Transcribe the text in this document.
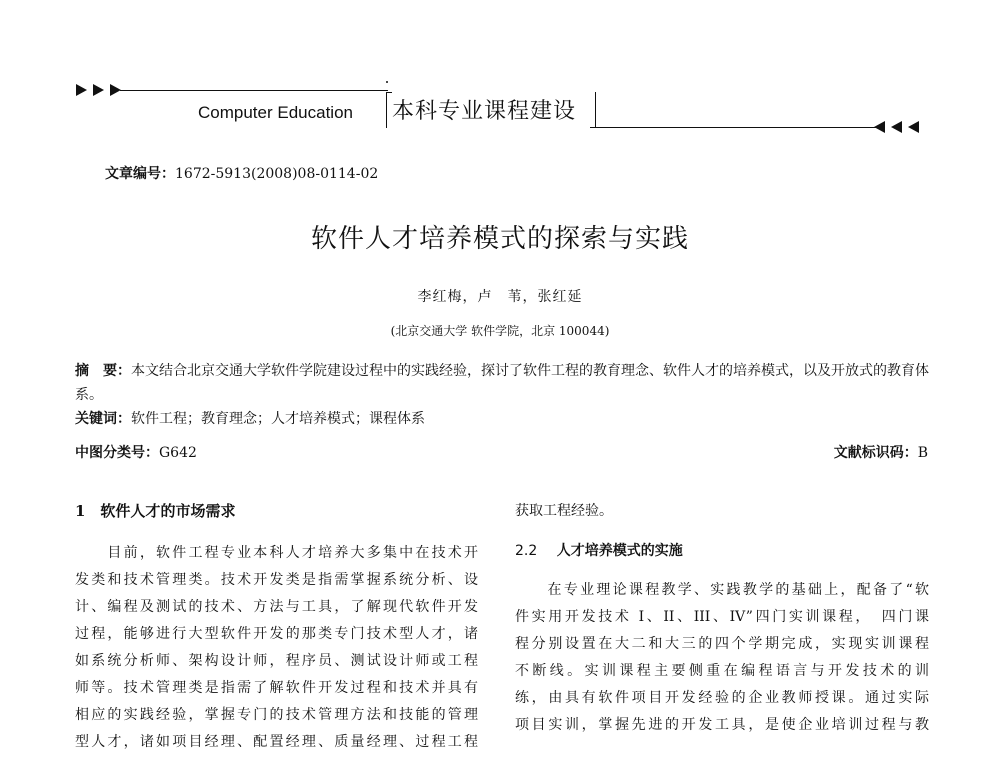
Computer Education 本科专业课程建设
文章编号：1672-5913(2008)08-0114-02
软件人才培养模式的探索与实践
李红梅，卢　苇，张红延
(北京交通大学 软件学院，北京 100044)
摘　要：本文结合北京交通大学软件学院建设过程中的实践经验，探讨了软件工程的教育理念、软件人才的培养模式，以及开放式的教育体系。
关键词：软件工程；教育理念；人才培养模式；课程体系
中图分类号：G642	文献标识码：B
1　软件人才的市场需求
　　目前，软件工程专业本科人才培养大多集中在技术开
发类和技术管理类。技术开发类是指需掌握系统分析、设
计、编程及测试的技术、方法与工具，了解现代软件开发
过程，能够进行大型软件开发的那类专门技术型人才，诸
如系统分析师、架构设计师，程序员、测试设计师或工程
师等。技术管理类是指需了解软件开发过程和技术并具有
相应的实践经验，掌握专门的技术管理方法和技能的管理
型人才，诸如项目经理、配置经理、质量经理、过程工程
获取工程经验。
2.2 人才培养模式的实施
　　在专业理论课程教学、实践教学的基础上，配备了“软
件实用开发技术 I、II、III、IV”四门实训课程，　四门课
程分别设置在大二和大三的四个学期完成，实现实训课程
不断线。实训课程主要侧重在编程语言与开发技术的训
练，由具有软件项目开发经验的企业教师授课。通过实际
项目实训，掌握先进的开发工具，是使企业培训过程与教
